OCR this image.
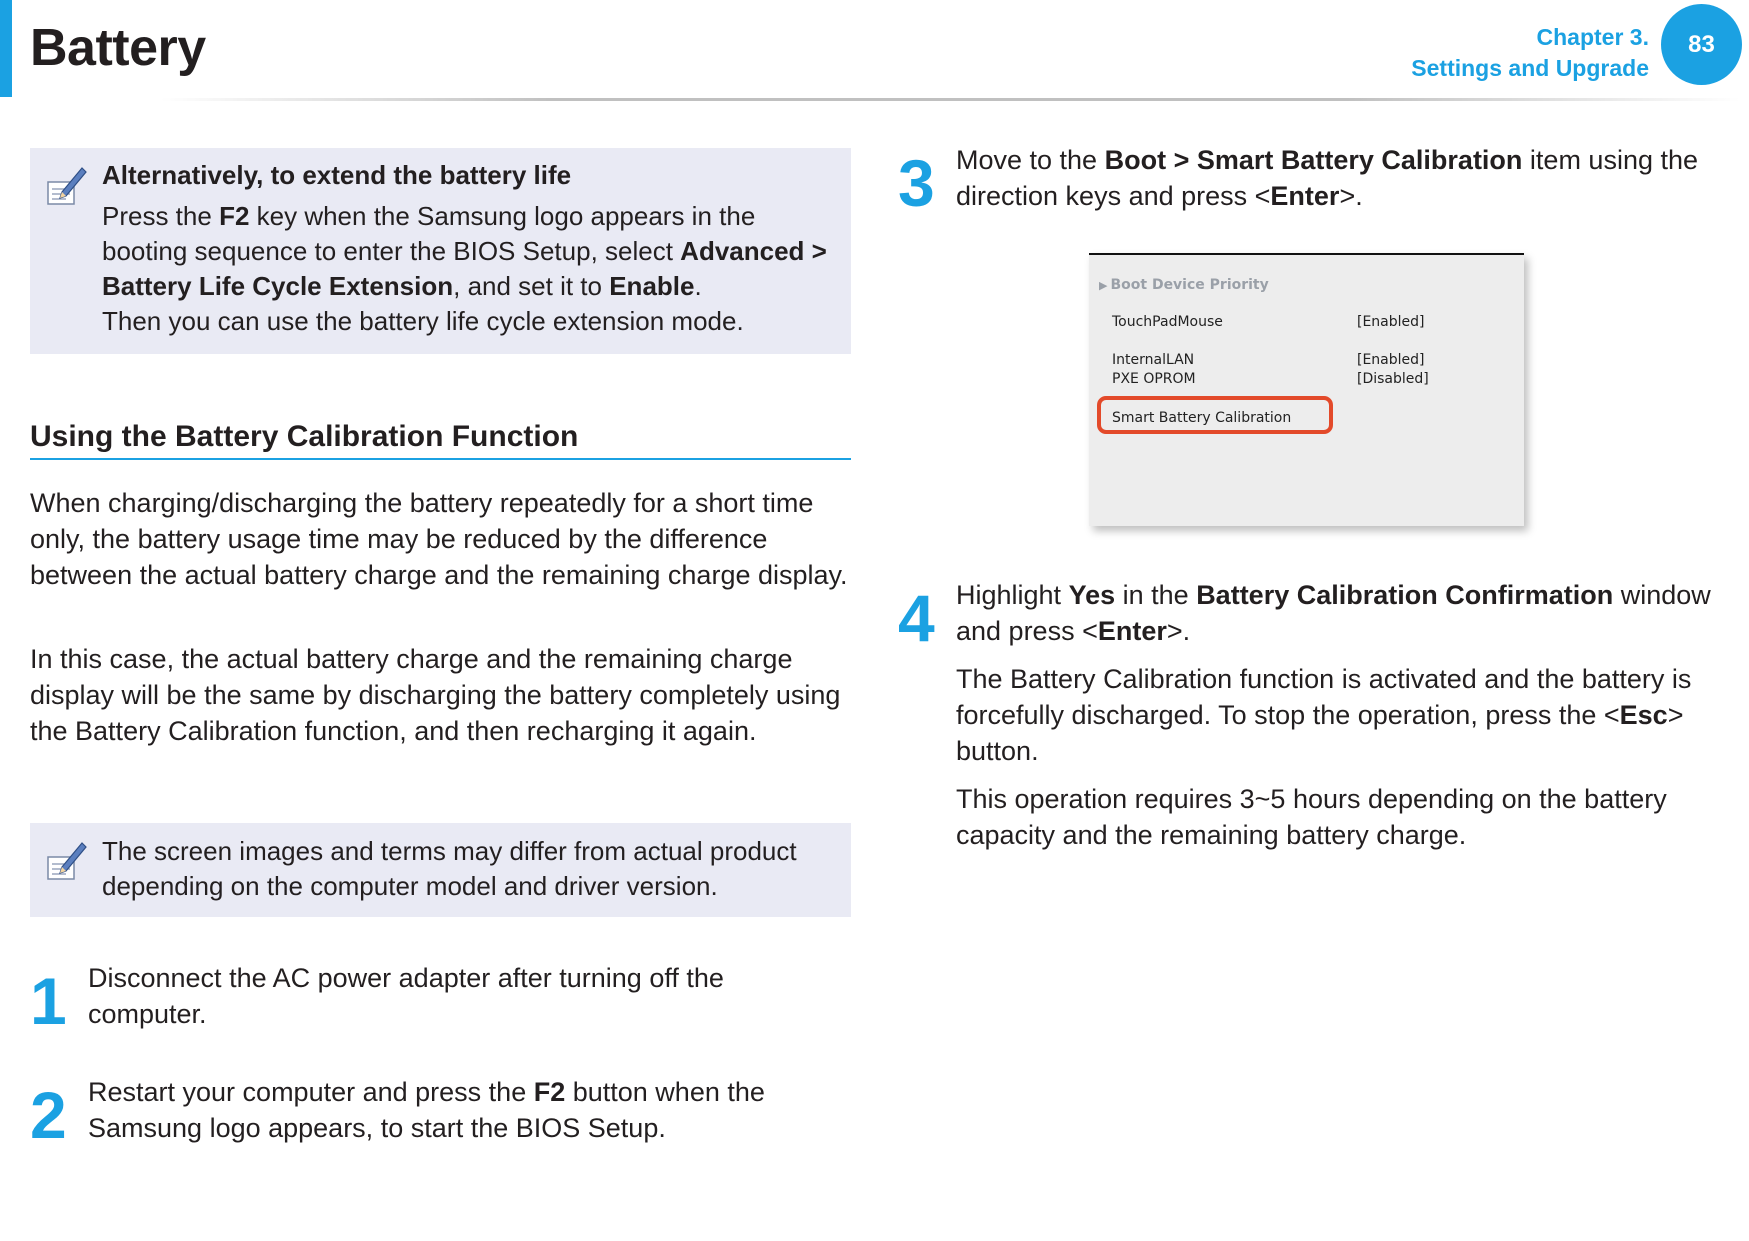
Battery	Chapter 3.
Settings and Upgrade
83
Alternatively, to extend the battery life
Press the F2 key when the Samsung logo appears in the booting sequence to enter the BIOS Setup, select Advanced > Battery Life Cycle Extension, and set it to Enable.
Then you can use the battery life cycle extension mode.
Using the Battery Calibration Function
When charging/discharging the battery repeatedly for a short time only, the battery usage time may be reduced by the difference between the actual battery charge and the remaining charge display.
In this case, the actual battery charge and the remaining charge display will be the same by discharging the battery completely using the Battery Calibration function, and then recharging it again.
The screen images and terms may differ from actual product depending on the computer model and driver version.
1 Disconnect the AC power adapter after turning off the computer.
2 Restart your computer and press the F2 button when the Samsung logo appears, to start the BIOS Setup.
3 Move to the Boot > Smart Battery Calibration item using the direction keys and press <Enter>.
▶ Boot Device Priority
TouchPadMouse	[Enabled]
InternalLAN	[Enabled]
PXE OPROM	[Disabled]
Smart Battery Calibration
4 Highlight Yes in the Battery Calibration Confirmation window and press <Enter>.

The Battery Calibration function is activated and the battery is forcefully discharged. To stop the operation, press the <Esc> button.

This operation requires 3~5 hours depending on the battery capacity and the remaining battery charge.
